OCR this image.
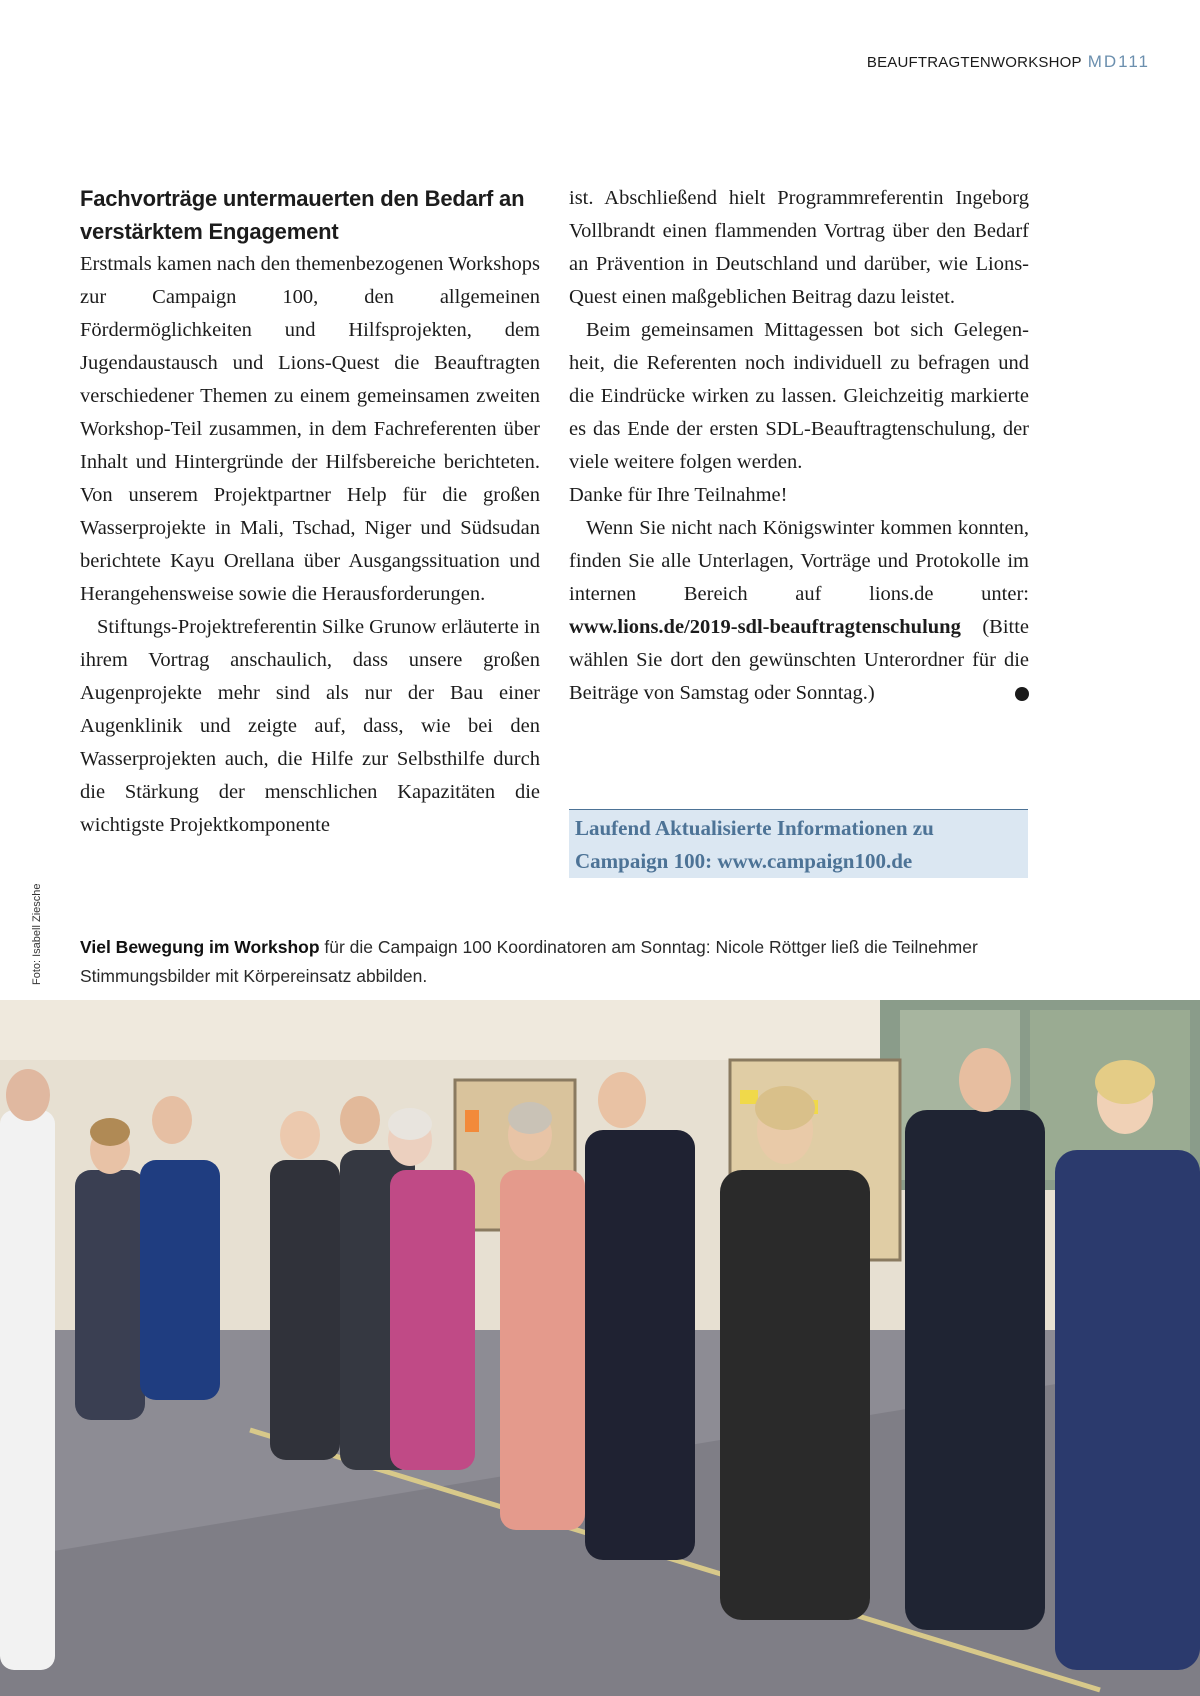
BEAUFTRAGTENWORKSHOP MD111
Fachvorträge untermauerten den Bedarf an verstärktem Engagement

Erstmals kamen nach den themenbezogenen Workshops zur Campaign 100, den allgemeinen Fördermöglichkeiten und Hilfsprojekten, dem Jugendaustausch und Lions-Quest die Beauftragten verschiedener Themen zu einem gemeinsamen zweiten Workshop-Teil zusammen, in dem Fachreferenten über Inhalt und Hintergründe der Hilfsbereiche berichteten. Von unserem Projektpartner Help für die großen Wasserprojekte in Mali, Tschad, Niger und Südsudan berichtete Kayu Orellana über Ausgangssituation und Herangehensweise sowie die Herausforderungen.

Stiftungs-Projektreferentin Silke Grunow erläuterte in ihrem Vortrag anschaulich, dass unsere großen Augenprojekte mehr sind als nur der Bau einer Augenklinik und zeigte auf, dass, wie bei den Wasserprojekten auch, die Hilfe zur Selbsthilfe durch die Stärkung der menschlichen Kapazitäten die wichtigste Projektkomponente

ist. Abschließend hielt Programmreferentin Ingeborg Vollbrandt einen flammenden Vortrag über den Bedarf an Prävention in Deutschland und darüber, wie Lions-Quest einen maßgeblichen Beitrag dazu leistet.

Beim gemeinsamen Mittagessen bot sich Gelegenheit, die Referenten noch individuell zu befragen und die Eindrücke wirken zu lassen. Gleichzeitig markierte es das Ende der ersten SDL-Beauftragtenschulung, der viele weitere folgen werden.

Danke für Ihre Teilnahme!

Wenn Sie nicht nach Königswinter kommen konnten, finden Sie alle Unterlagen, Vorträge und Protokolle im internen Bereich auf lions.de unter: www.lions.de/2019-sdl-beauftragtenschulung (Bitte wählen Sie dort den gewünschten Unterordner für die Beiträge von Samstag oder Sonntag.)	L

Laufend Aktualisierte Informationen zu Campaign 100: www.campaign100.de
Foto: Isabell Ziesche Viel Bewegung im Workshop für die Campaign 100 Koordinatoren am Sonntag: Nicole Röttger ließ die Teilnehmer Stimmungsbilder mit Körpereinsatz abbilden.
